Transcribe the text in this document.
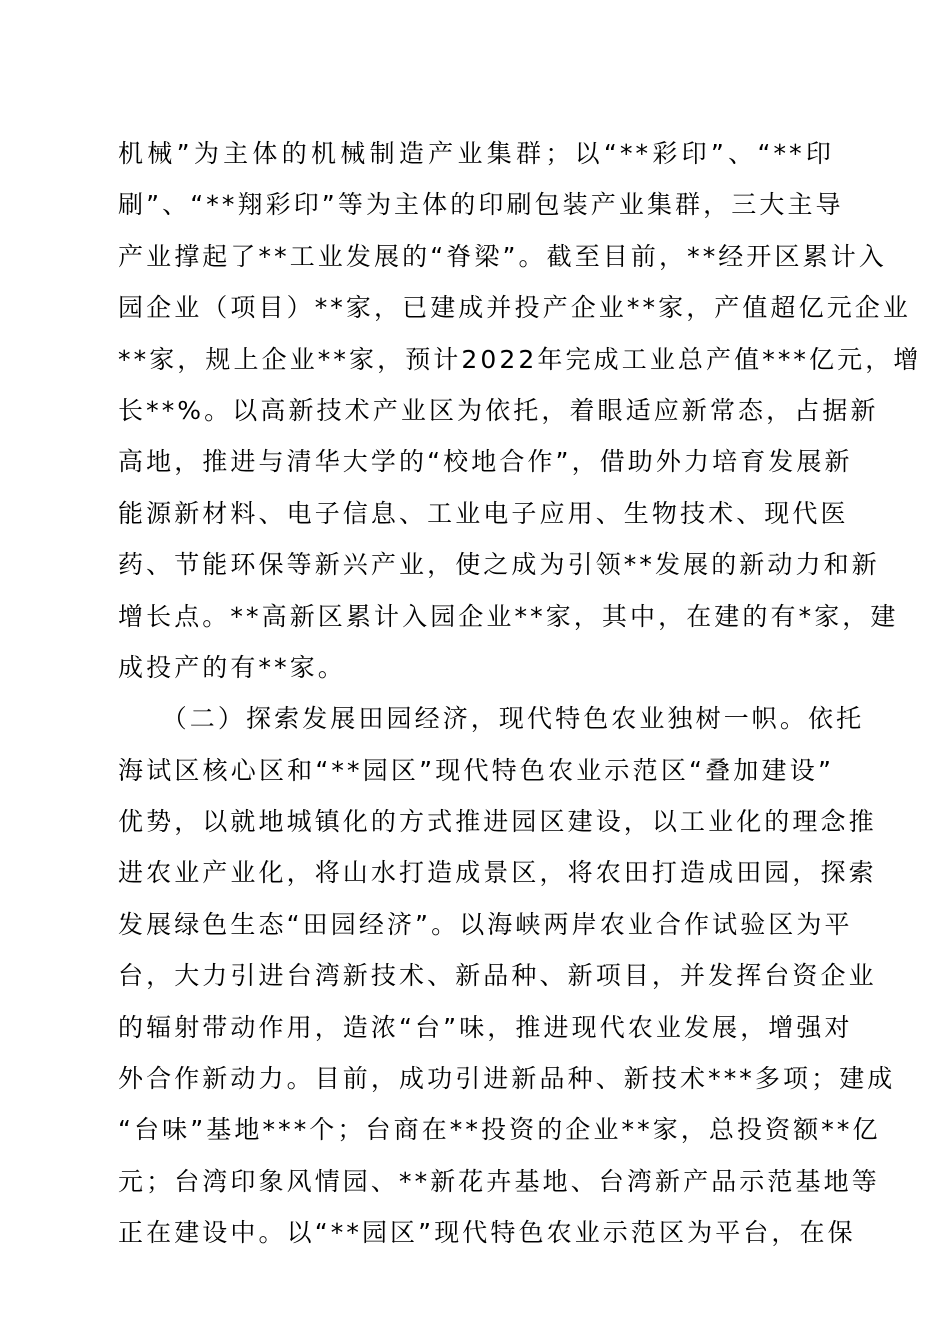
机械”为主体的机械制造产业集群；以“**彩印”、“**印
刷”、“**翔彩印”等为主体的印刷包装产业集群，三大主导
产业撑起了**工业发展的“脊梁”。截至目前，**经开区累计入
园企业（项目）**家，已建成并投产企业**家，产值超亿元企业
**家，规上企业**家，预计2022年完成工业总产值***亿元，增
长**%。以高新技术产业区为依托，着眼适应新常态，占据新
高地，推进与清华大学的“校地合作”，借助外力培育发展新
能源新材料、电子信息、工业电子应用、生物技术、现代医
药、节能环保等新兴产业，使之成为引领**发展的新动力和新
增长点。**高新区累计入园企业**家，其中，在建的有*家，建
成投产的有**家。
　　（二）探索发展田园经济，现代特色农业独树一帜。依托
海试区核心区和“**园区”现代特色农业示范区“叠加建设”
优势，以就地城镇化的方式推进园区建设，以工业化的理念推
进农业产业化，将山水打造成景区，将农田打造成田园，探索
发展绿色生态“田园经济”。以海峡两岸农业合作试验区为平
台，大力引进台湾新技术、新品种、新项目，并发挥台资企业
的辐射带动作用，造浓“台”味，推进现代农业发展，增强对
外合作新动力。目前，成功引进新品种、新技术***多项；建成
“台味”基地***个；台商在**投资的企业**家，总投资额**亿
元；台湾印象风情园、**新花卉基地、台湾新产品示范基地等
正在建设中。以“**园区”现代特色农业示范区为平台，在保
